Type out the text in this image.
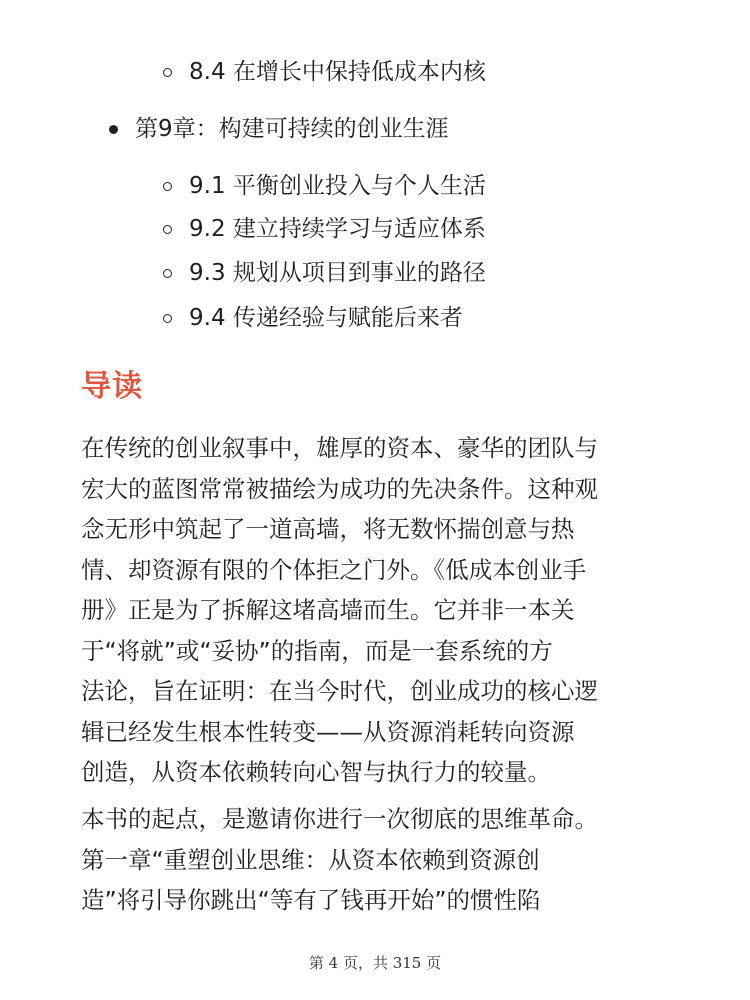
8.4 在增长中保持低成本内核
第9章：构建可持续的创业生涯
9.1 平衡创业投入与个人生活
9.2 建立持续学习与适应体系
9.3 规划从项目到事业的路径
9.4 传递经验与赋能后来者
导读
在传统的创业叙事中，雄厚的资本、豪华的团队与
宏大的蓝图常常被描绘为成功的先决条件。这种观
念无形中筑起了一道高墙，将无数怀揣创意与热
情、却资源有限的个体拒之门外。《低成本创业手
册》正是为了拆解这堵高墙而生。它并非一本关
于“将就”或“妥协”的指南，而是一套系统的方
法论，旨在证明：在当今时代，创业成功的核心逻
辑已经发生根本性转变——从资源消耗转向资源
创造，从资本依赖转向心智与执行力的较量。
本书的起点，是邀请你进行一次彻底的思维革命。
第一章“重塑创业思维：从资本依赖到资源创
造”将引导你跳出“等有了钱再开始”的惯性陷
第 4 页，共 315 页
